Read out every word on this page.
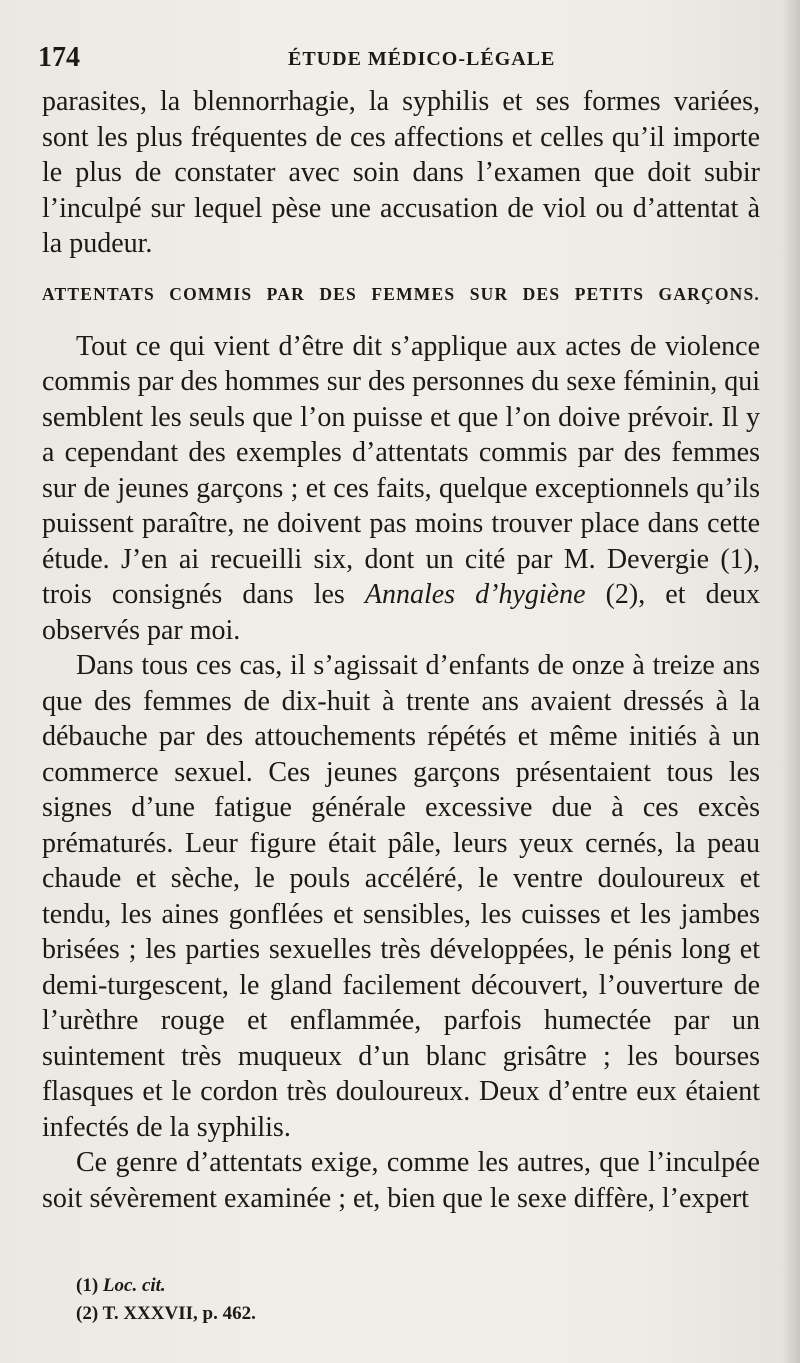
174	ÉTUDE MÉDICO-LÉGALE

parasites, la blennorrhagie, la syphilis et ses formes variées, sont les plus fréquentes de ces affections et celles qu’il importe le plus de constater avec soin dans l’examen que doit subir l’inculpé sur lequel pèse une accusation de viol ou d’attentat à la pudeur.

ATTENTATS COMMIS PAR DES FEMMES SUR DES PETITS GARÇONS.

Tout ce qui vient d’être dit s’applique aux actes de violence commis par des hommes sur des personnes du sexe féminin, qui semblent les seuls que l’on puisse et que l’on doive prévoir. Il y a cependant des exemples d’attentats commis par des femmes sur de jeunes garçons ; et ces faits, quelque exceptionnels qu’ils puissent paraître, ne doivent pas moins trouver place dans cette étude. J’en ai recueilli six, dont un cité par M. Devergie (1), trois consignés dans les Annales d’hygiène (2), et deux observés par moi.

Dans tous ces cas, il s’agissait d’enfants de onze à treize ans que des femmes de dix-huit à trente ans avaient dressés à la débauche par des attouchements répétés et même initiés à un commerce sexuel. Ces jeunes garçons présentaient tous les signes d’une fatigue générale excessive due à ces excès prématurés. Leur figure était pâle, leurs yeux cernés, la peau chaude et sèche, le pouls accéléré, le ventre douloureux et tendu, les aines gonflées et sensibles, les cuisses et les jambes brisées ; les parties sexuelles très développées, le pénis long et demi-turgescent, le gland facilement découvert, l’ouverture de l’urèthre rouge et enflammée, parfois humectée par un suintement très muqueux d’un blanc grisâtre ; les bourses flasques et le cordon très douloureux. Deux d’entre eux étaient infectés de la syphilis.

Ce genre d’attentats exige, comme les autres, que l’inculpée soit sévèrement examinée ; et, bien que le sexe diffère, l’expert

(1) Loc. cit.

(2) T. XXXVII, p. 462.
